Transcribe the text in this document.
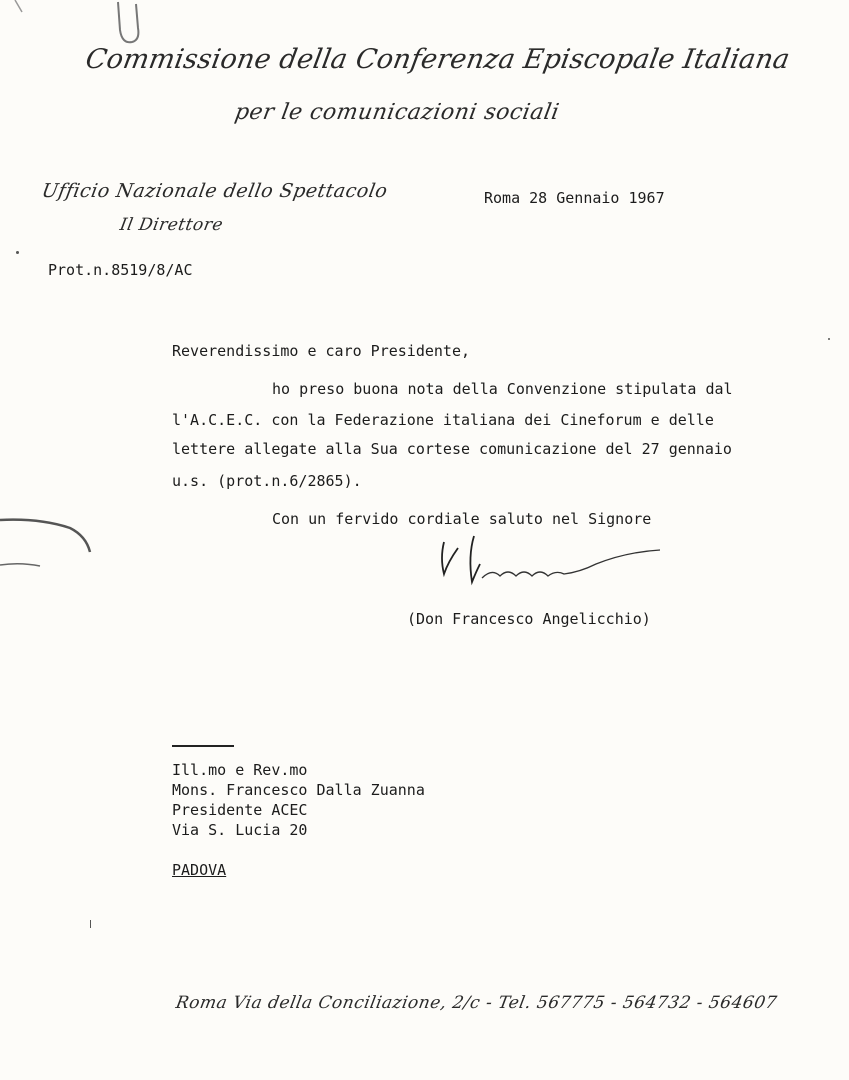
Commissione della Conferenza Episcopale Italiana
per le comunicazioni sociali
Ufficio Nazionale dello Spettacolo
Il Direttore
Roma 28 Gennaio 1967
Prot.n.8519/8/AC
Reverendissimo e caro Presidente,
ho preso buona nota della Convenzione stipulata dal
l'A.C.E.C. con la Federazione italiana dei Cineforum e delle
lettere allegate alla Sua cortese comunicazione del 27 gennaio
u.s. (prot.n.6/2865).
Con un fervido cordiale saluto nel Signore
(Don Francesco Angelicchio)
Ill.mo e Rev.mo
Mons. Francesco Dalla Zuanna
Presidente ACEC
Via S. Lucia 20
PADOVA
Roma Via della Conciliazione, 2/c - Tel. 567775 - 564732 - 564607
